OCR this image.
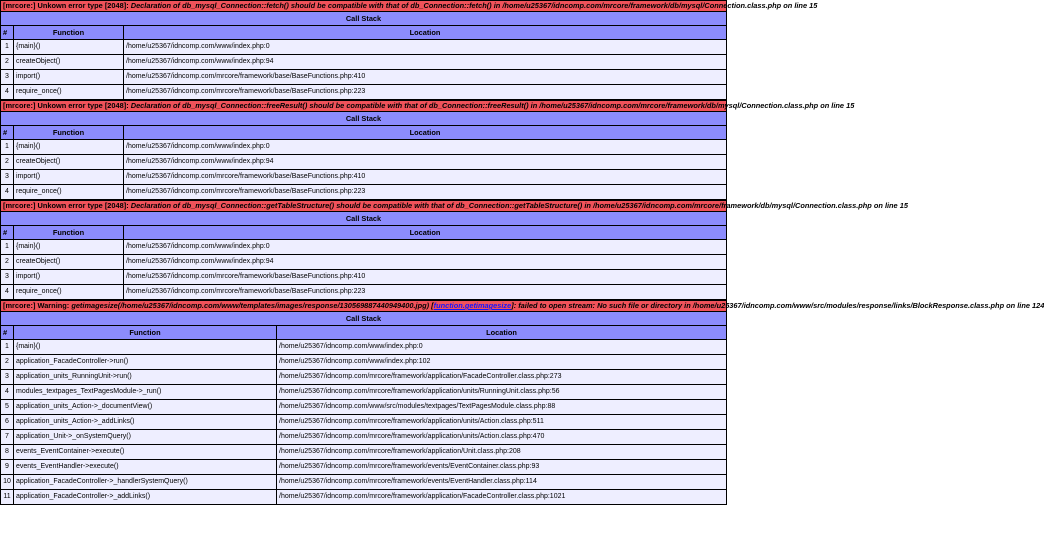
[mrcore:] Unkown error type [2048]: Declaration of db_mysql_Connection::fetch() should be compatible with that of db_Connection::fetch() in /home/u25367/idncomp.com/mrcore/framework/db/mysql/Connection.class.php on line 15		
Call Stack		
#	Function	Location
1	{main}()	/home/u25367/idncomp.com/www/index.php:0
2	createObject()	/home/u25367/idncomp.com/www/index.php:94
3	import()	/home/u25367/idncomp.com/mrcore/framework/base/BaseFunctions.php:410
4	require_once()	/home/u25367/idncomp.com/mrcore/framework/base/BaseFunctions.php:223
[mrcore:] Unkown error type [2048]: Declaration of db_mysql_Connection::freeResult() should be compatible with that of db_Connection::freeResult() in /home/u25367/idncomp.com/mrcore/framework/db/mysql/Connection.class.php on line 15		
Call Stack		
#	Function	Location
1	{main}()	/home/u25367/idncomp.com/www/index.php:0
2	createObject()	/home/u25367/idncomp.com/www/index.php:94
3	import()	/home/u25367/idncomp.com/mrcore/framework/base/BaseFunctions.php:410
4	require_once()	/home/u25367/idncomp.com/mrcore/framework/base/BaseFunctions.php:223
[mrcore:] Unkown error type [2048]: Declaration of db_mysql_Connection::getTableStructure() should be compatible with that of db_Connection::getTableStructure() in /home/u25367/idncomp.com/mrcore/framework/db/mysql/Connection.class.php on line 15		
Call Stack		
#	Function	Location
1	{main}()	/home/u25367/idncomp.com/www/index.php:0
2	createObject()	/home/u25367/idncomp.com/www/index.php:94
3	import()	/home/u25367/idncomp.com/mrcore/framework/base/BaseFunctions.php:410
4	require_once()	/home/u25367/idncomp.com/mrcore/framework/base/BaseFunctions.php:223
[mrcore:] Warning: getimagesize(/home/u25367/idncomp.com/www/templates/images/response/130569887440949400.jpg) [function.getimagesize]: failed to open stream: No such file or directory in /home/u25367/idncomp.com/www/src/modules/response/links/BlockResponse.class.php on line 124		
Call Stack		
#	Function	Location
1	{main}()	/home/u25367/idncomp.com/www/index.php:0
2	application_FacadeController->run()	/home/u25367/idncomp.com/www/index.php:102
3	application_units_RunningUnit->run()	/home/u25367/idncomp.com/mrcore/framework/application/FacadeController.class.php:273
4	modules_textpages_TextPagesModule->_run()	/home/u25367/idncomp.com/mrcore/framework/application/units/RunningUnit.class.php:56
5	application_units_Action->_documentView()	/home/u25367/idncomp.com/www/src/modules/textpages/TextPagesModule.class.php:88
6	application_units_Action->_addLinks()	/home/u25367/idncomp.com/mrcore/framework/application/units/Action.class.php:511
7	application_Unit->_onSystemQuery()	/home/u25367/idncomp.com/mrcore/framework/application/units/Action.class.php:470
8	events_EventContainer->execute()	/home/u25367/idncomp.com/mrcore/framework/application/Unit.class.php:208
9	events_EventHandler->execute()	/home/u25367/idncomp.com/mrcore/framework/events/EventContainer.class.php:93
10	application_FacadeController->_handlerSystemQuery()	/home/u25367/idncomp.com/mrcore/framework/events/EventHandler.class.php:114
11	application_FacadeController->_addLinks()	/home/u25367/idncomp.com/mrcore/framework/application/FacadeController.class.php:1021
